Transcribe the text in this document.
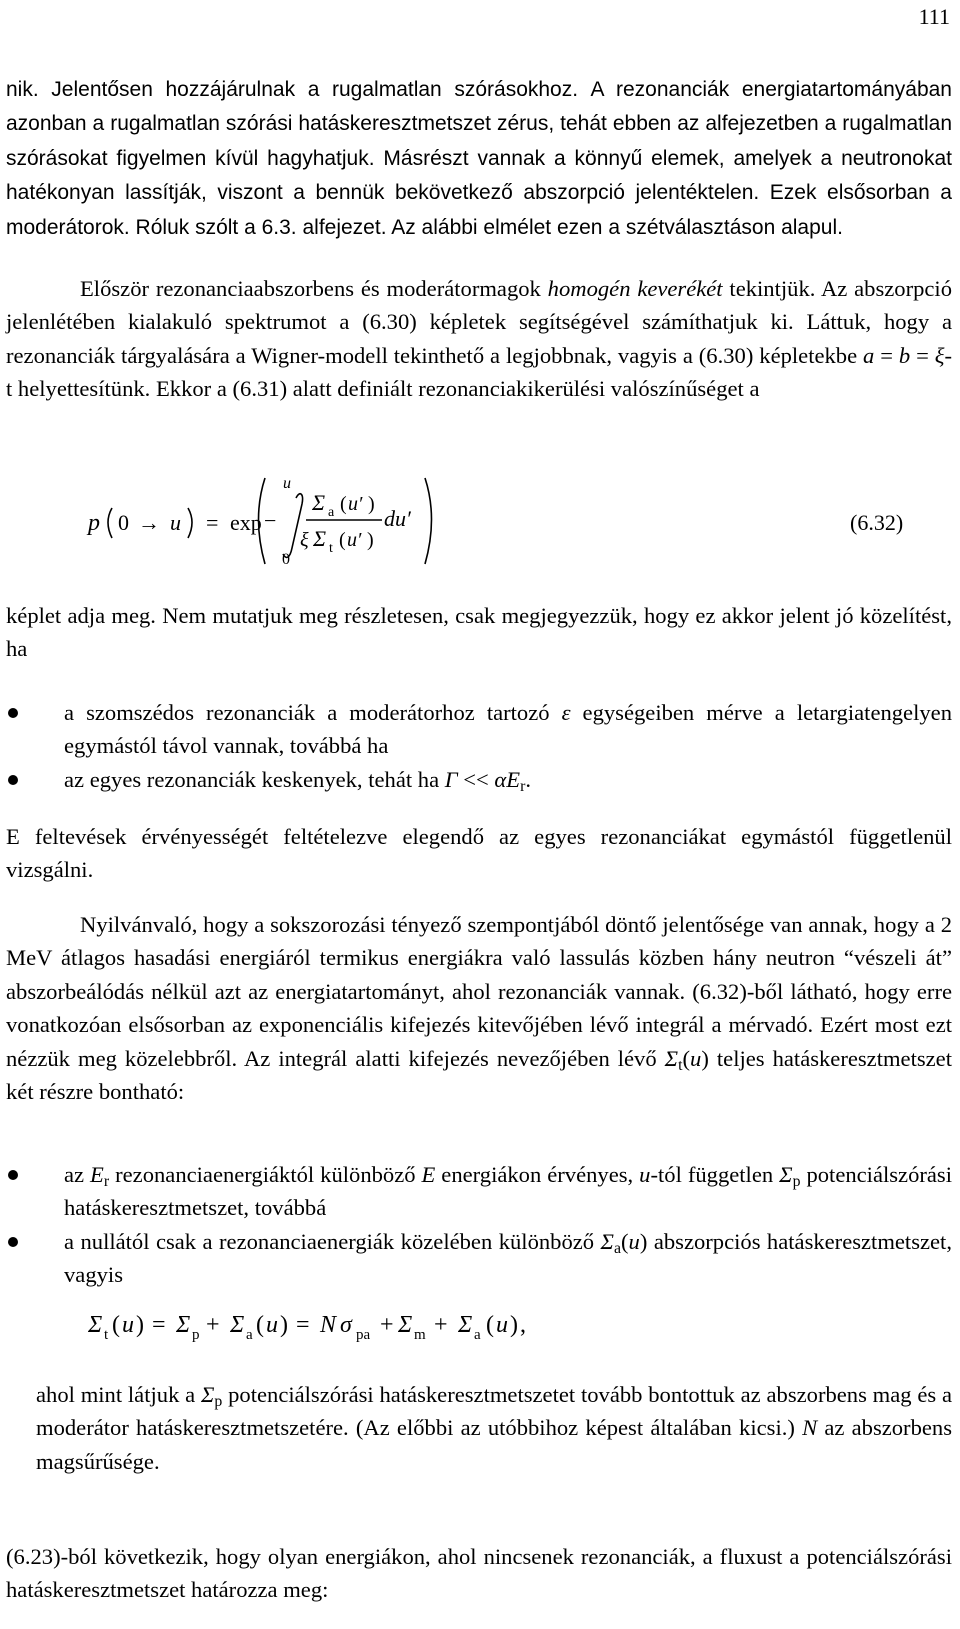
111
nik. Jelentősen hozzájárulnak a rugalmatlan szórásokhoz. A rezonanciák energiatartományában azonban a rugalmatlan szórási hatáskeresztmetszet zérus, tehát ebben az alfejezetben a rugalmatlan szórásokat figyelmen kívül hagyhatjuk. Másrészt vannak a könnyű elemek, amelyek a neutronokat hatékonyan lassítják, viszont a bennük bekövetkező abszorpció jelentéktelen. Ezek elsősorban a moderátorok. Róluk szólt a 6.3. alfejezet. Az alábbi elmélet ezen a szétválasztáson alapul.
Először rezonanciaabszorbens és moderátormagok homogén keverékét tekintjük. Az abszorpció jelenlétében kialakuló spektrumot a (6.30) képletek segítségével számíthatjuk ki. Láttuk, hogy a rezonanciák tárgyalására a Wigner-modell tekinthető a legjobbnak, vagyis a (6.30) képletekbe a = b = ξ-t helyettesítünk. Ekkor a (6.31) alatt definiált rezonanciakikerülési valószínűséget a
p 0 → u = exp −
u
0
Σ a ( u′ )
ξ Σ t ( u′ )
du′	(6.32)
képlet adja meg. Nem mutatjuk meg részletesen, csak megjegyezzük, hogy ez akkor jelent jó közelítést, ha
a szomszédos rezonanciák a moderátorhoz tartozó ε egységeiben mérve a letargiatengelyen egymástól távol vannak, továbbá ha
az egyes rezonanciák keskenyek, tehát ha $\Gamma << \alpha E_r$.
E feltevések érvényességét feltételezve elegendő az egyes rezonanciákat egymástól függetlenül vizsgálni.
Nyilvánvaló, hogy a sokszorozási tényező szempontjából döntő jelentősége van annak, hogy a 2 MeV átlagos hasadási energiáról termikus energiákra való lassulás közben hány neutron “vészeli át” abszorbeálódás nélkül azt az energiatartományt, ahol rezonanciák vannak. (6.32)-ből látható, hogy erre vonatkozóan elsősorban az exponenciális kifejezés kitevőjében lévő integrál a mérvadó. Ezért most ezt nézzük meg közelebbről. Az integrál alatti kifejezés nevezőjében lévő $\Sigma_t(u)$ teljes hatáskeresztmetszet két részre bontható:
az $E_r$ rezonanciaenergiáktól különböző E energiákon érvényes, u-tól független $\Sigma_p$ potenciálszórási hatáskeresztmetszet, továbbá
a nullától csak a rezonanciaenergiák közelében különböző $\Sigma_a(u)$ abszorpciós hatáskeresztmetszet, vagyis
Σ t ( u ) = Σ p + Σ a ( u ) = N σ pa + Σ m + Σ a ( u ) ,
ahol mint látjuk a $\Sigma_p$ potenciálszórási hatáskeresztmetszetet tovább bontottuk az abszorbens mag és a moderátor hatáskeresztmetszetére. (Az előbbi az utóbbihoz képest általában kicsi.) N az abszorbens magsűrűsége.
(6.23)-ból következik, hogy olyan energiákon, ahol nincsenek rezonanciák, a fluxust a potenciálszórási hatáskeresztmetszet határozza meg:
